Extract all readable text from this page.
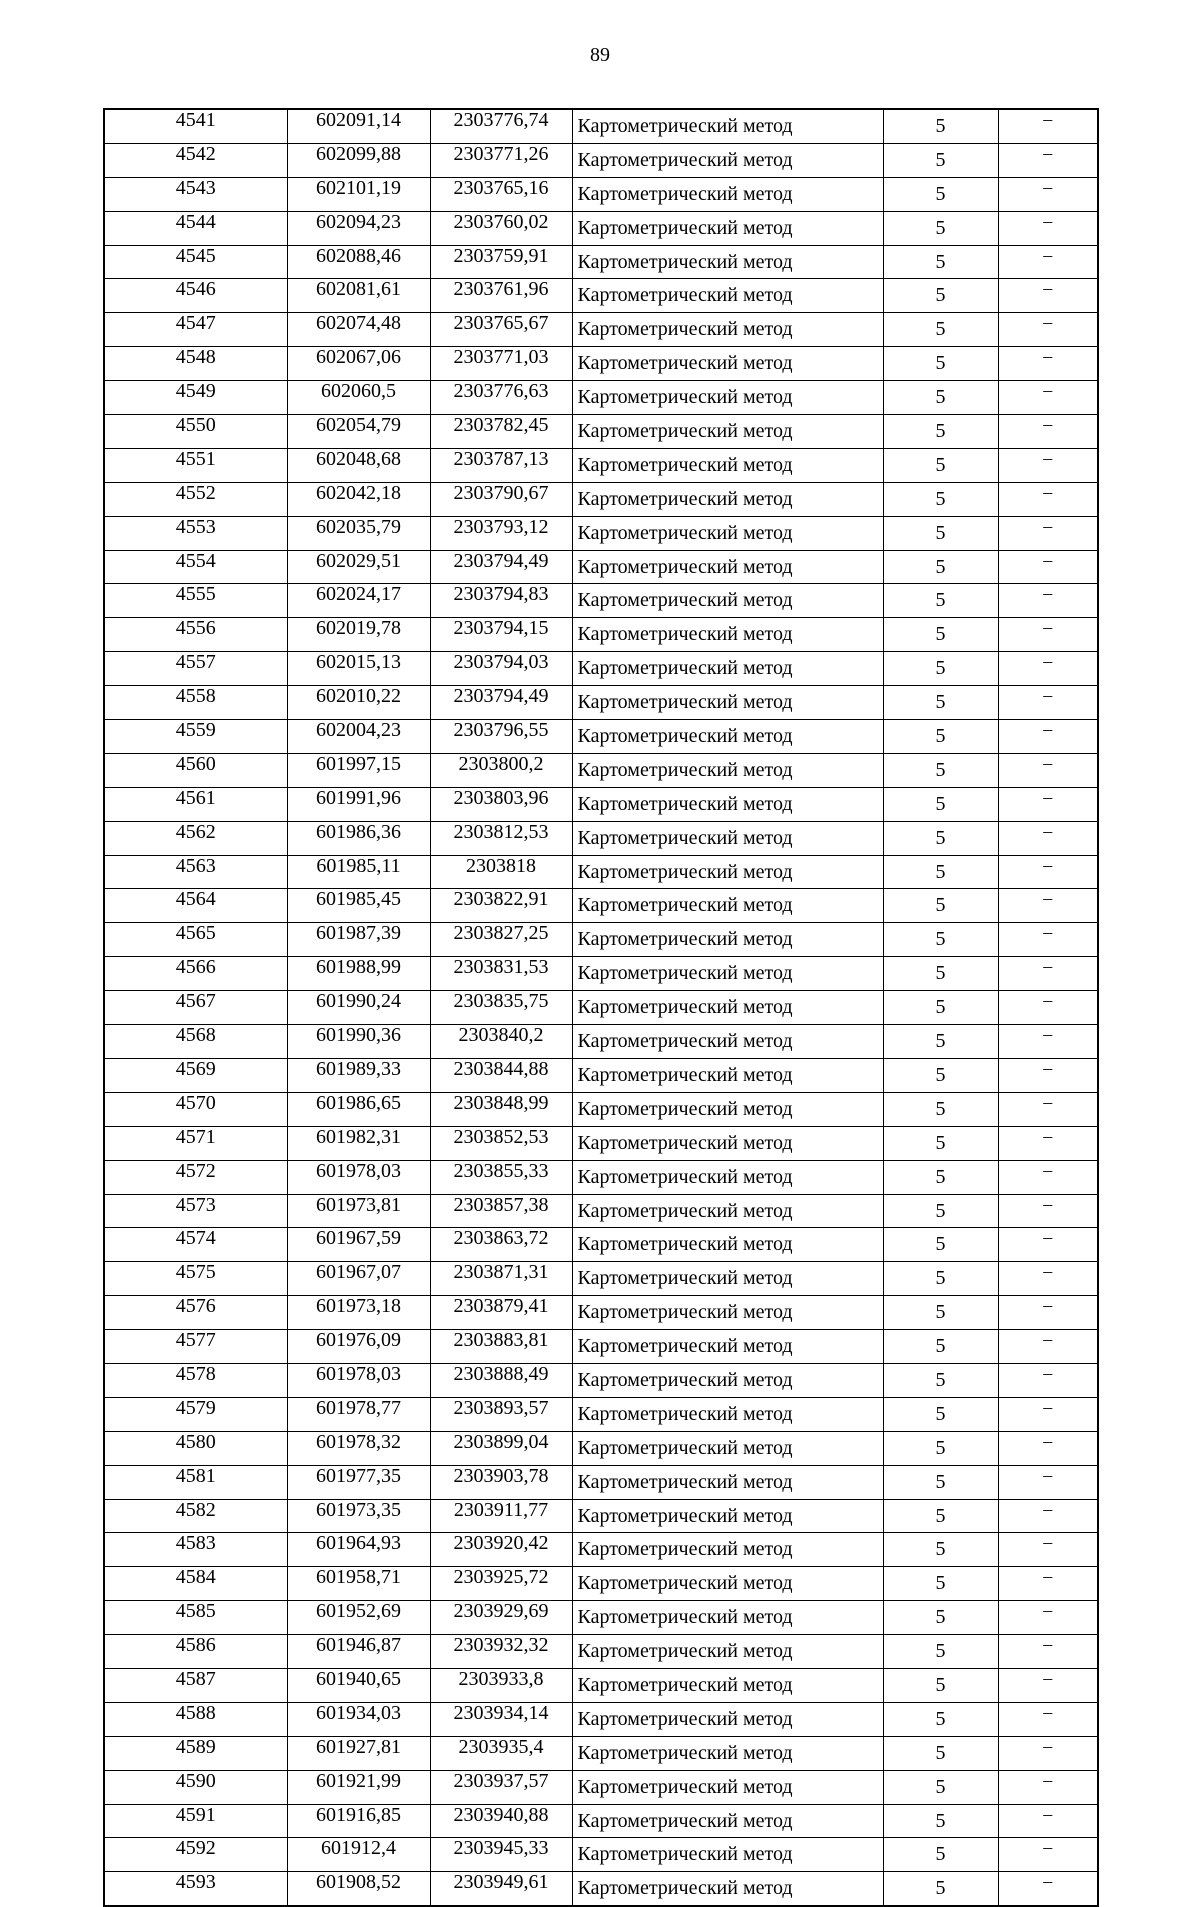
89
4541	602091,14	2303776,74	Картометрический метод	5	–
4542	602099,88	2303771,26	Картометрический метод	5	–
4543	602101,19	2303765,16	Картометрический метод	5	–
4544	602094,23	2303760,02	Картометрический метод	5	–
4545	602088,46	2303759,91	Картометрический метод	5	–
4546	602081,61	2303761,96	Картометрический метод	5	–
4547	602074,48	2303765,67	Картометрический метод	5	–
4548	602067,06	2303771,03	Картометрический метод	5	–
4549	602060,5	2303776,63	Картометрический метод	5	–
4550	602054,79	2303782,45	Картометрический метод	5	–
4551	602048,68	2303787,13	Картометрический метод	5	–
4552	602042,18	2303790,67	Картометрический метод	5	–
4553	602035,79	2303793,12	Картометрический метод	5	–
4554	602029,51	2303794,49	Картометрический метод	5	–
4555	602024,17	2303794,83	Картометрический метод	5	–
4556	602019,78	2303794,15	Картометрический метод	5	–
4557	602015,13	2303794,03	Картометрический метод	5	–
4558	602010,22	2303794,49	Картометрический метод	5	–
4559	602004,23	2303796,55	Картометрический метод	5	–
4560	601997,15	2303800,2	Картометрический метод	5	–
4561	601991,96	2303803,96	Картометрический метод	5	–
4562	601986,36	2303812,53	Картометрический метод	5	–
4563	601985,11	2303818	Картометрический метод	5	–
4564	601985,45	2303822,91	Картометрический метод	5	–
4565	601987,39	2303827,25	Картометрический метод	5	–
4566	601988,99	2303831,53	Картометрический метод	5	–
4567	601990,24	2303835,75	Картометрический метод	5	–
4568	601990,36	2303840,2	Картометрический метод	5	–
4569	601989,33	2303844,88	Картометрический метод	5	–
4570	601986,65	2303848,99	Картометрический метод	5	–
4571	601982,31	2303852,53	Картометрический метод	5	–
4572	601978,03	2303855,33	Картометрический метод	5	–
4573	601973,81	2303857,38	Картометрический метод	5	–
4574	601967,59	2303863,72	Картометрический метод	5	–
4575	601967,07	2303871,31	Картометрический метод	5	–
4576	601973,18	2303879,41	Картометрический метод	5	–
4577	601976,09	2303883,81	Картометрический метод	5	–
4578	601978,03	2303888,49	Картометрический метод	5	–
4579	601978,77	2303893,57	Картометрический метод	5	–
4580	601978,32	2303899,04	Картометрический метод	5	–
4581	601977,35	2303903,78	Картометрический метод	5	–
4582	601973,35	2303911,77	Картометрический метод	5	–
4583	601964,93	2303920,42	Картометрический метод	5	–
4584	601958,71	2303925,72	Картометрический метод	5	–
4585	601952,69	2303929,69	Картометрический метод	5	–
4586	601946,87	2303932,32	Картометрический метод	5	–
4587	601940,65	2303933,8	Картометрический метод	5	–
4588	601934,03	2303934,14	Картометрический метод	5	–
4589	601927,81	2303935,4	Картометрический метод	5	–
4590	601921,99	2303937,57	Картометрический метод	5	–
4591	601916,85	2303940,88	Картометрический метод	5	–
4592	601912,4	2303945,33	Картометрический метод	5	–
4593	601908,52	2303949,61	Картометрический метод	5	–
